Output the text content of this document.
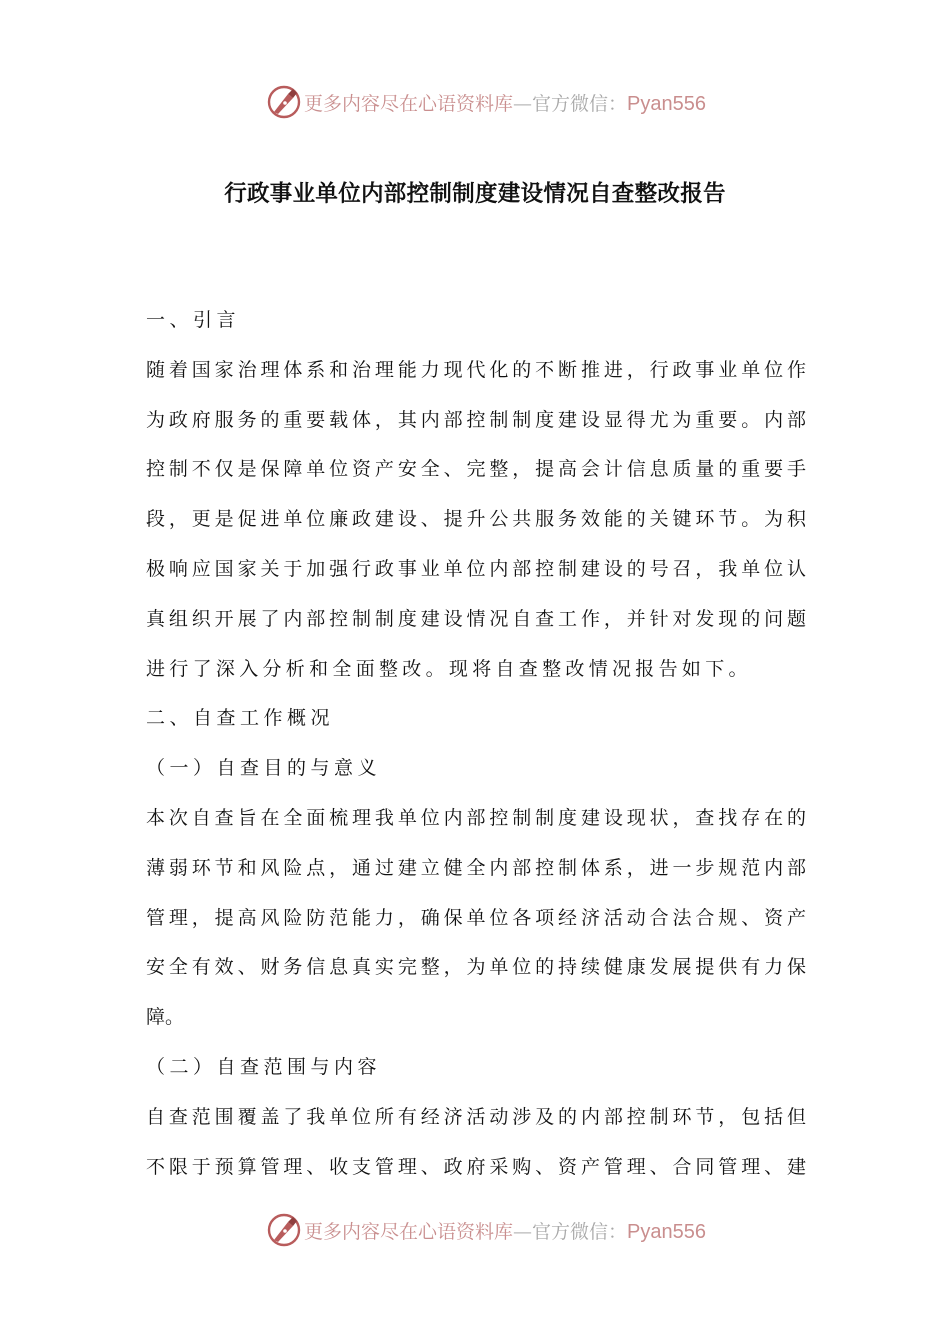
更多内容尽在心语资料库—官方微信：Pyan556
行政事业单位内部控制制度建设情况自查整改报告
一、引言
随着国家治理体系和治理能力现代化的不断推进，行政事业单位作
为政府服务的重要载体，其内部控制制度建设显得尤为重要。内部
控制不仅是保障单位资产安全、完整，提高会计信息质量的重要手
段，更是促进单位廉政建设、提升公共服务效能的关键环节。为积
极响应国家关于加强行政事业单位内部控制建设的号召，我单位认
真组织开展了内部控制制度建设情况自查工作，并针对发现的问题
进行了深入分析和全面整改。现将自查整改情况报告如下。
二、自查工作概况
（一）自查目的与意义
本次自查旨在全面梳理我单位内部控制制度建设现状，查找存在的
薄弱环节和风险点，通过建立健全内部控制体系，进一步规范内部
管理，提高风险防范能力，确保单位各项经济活动合法合规、资产
安全有效、财务信息真实完整，为单位的持续健康发展提供有力保
障。
（二）自查范围与内容
自查范围覆盖了我单位所有经济活动涉及的内部控制环节，包括但
不限于预算管理、收支管理、政府采购、资产管理、合同管理、建
更多内容尽在心语资料库—官方微信：Pyan556
